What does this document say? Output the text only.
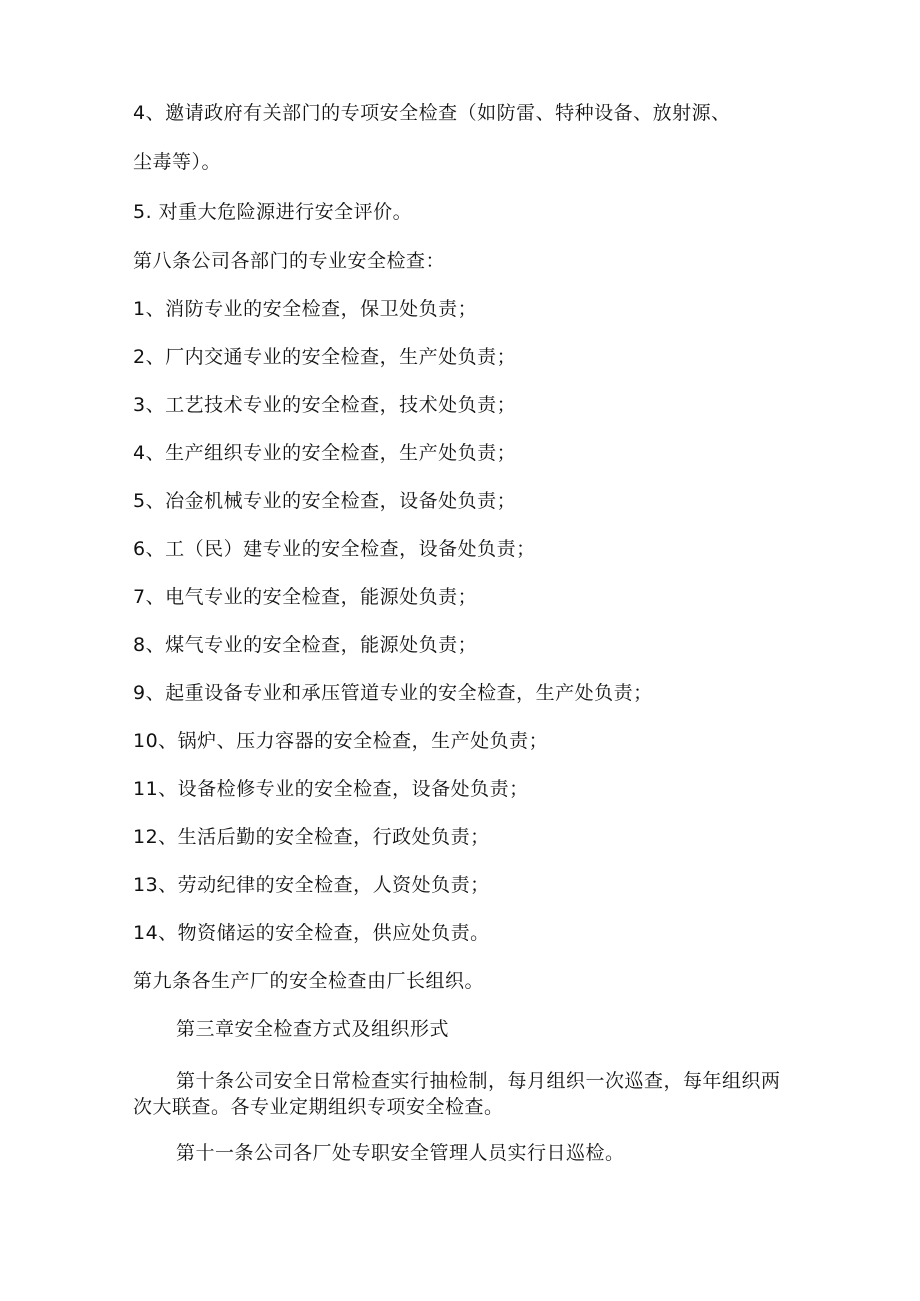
4、邀请政府有关部门的专项安全检查（如防雷、特种设备、放射源、
尘毒等）。
5. 对重大危险源进行安全评价。
第八条公司各部门的专业安全检查：
1、消防专业的安全检查，保卫处负责；
2、厂内交通专业的安全检查，生产处负责；
3、工艺技术专业的安全检查，技术处负责；
4、生产组织专业的安全检查，生产处负责；
5、冶金机械专业的安全检查，设备处负责；
6、工（民）建专业的安全检查，设备处负责；
7、电气专业的安全检查，能源处负责；
8、煤气专业的安全检查，能源处负责；
9、起重设备专业和承压管道专业的安全检查，生产处负责；
10、锅炉、压力容器的安全检查，生产处负责；
11、设备检修专业的安全检查，设备处负责；
12、生活后勤的安全检查，行政处负责；
13、劳动纪律的安全检查，人资处负责；
14、物资储运的安全检查，供应处负责。
第九条各生产厂的安全检查由厂长组织。
第三章安全检查方式及组织形式
第十条公司安全日常检查实行抽检制，每月组织一次巡查，每年组织两次大联查。各专业定期组织专项安全检查。
第十一条公司各厂处专职安全管理人员实行日巡检。
